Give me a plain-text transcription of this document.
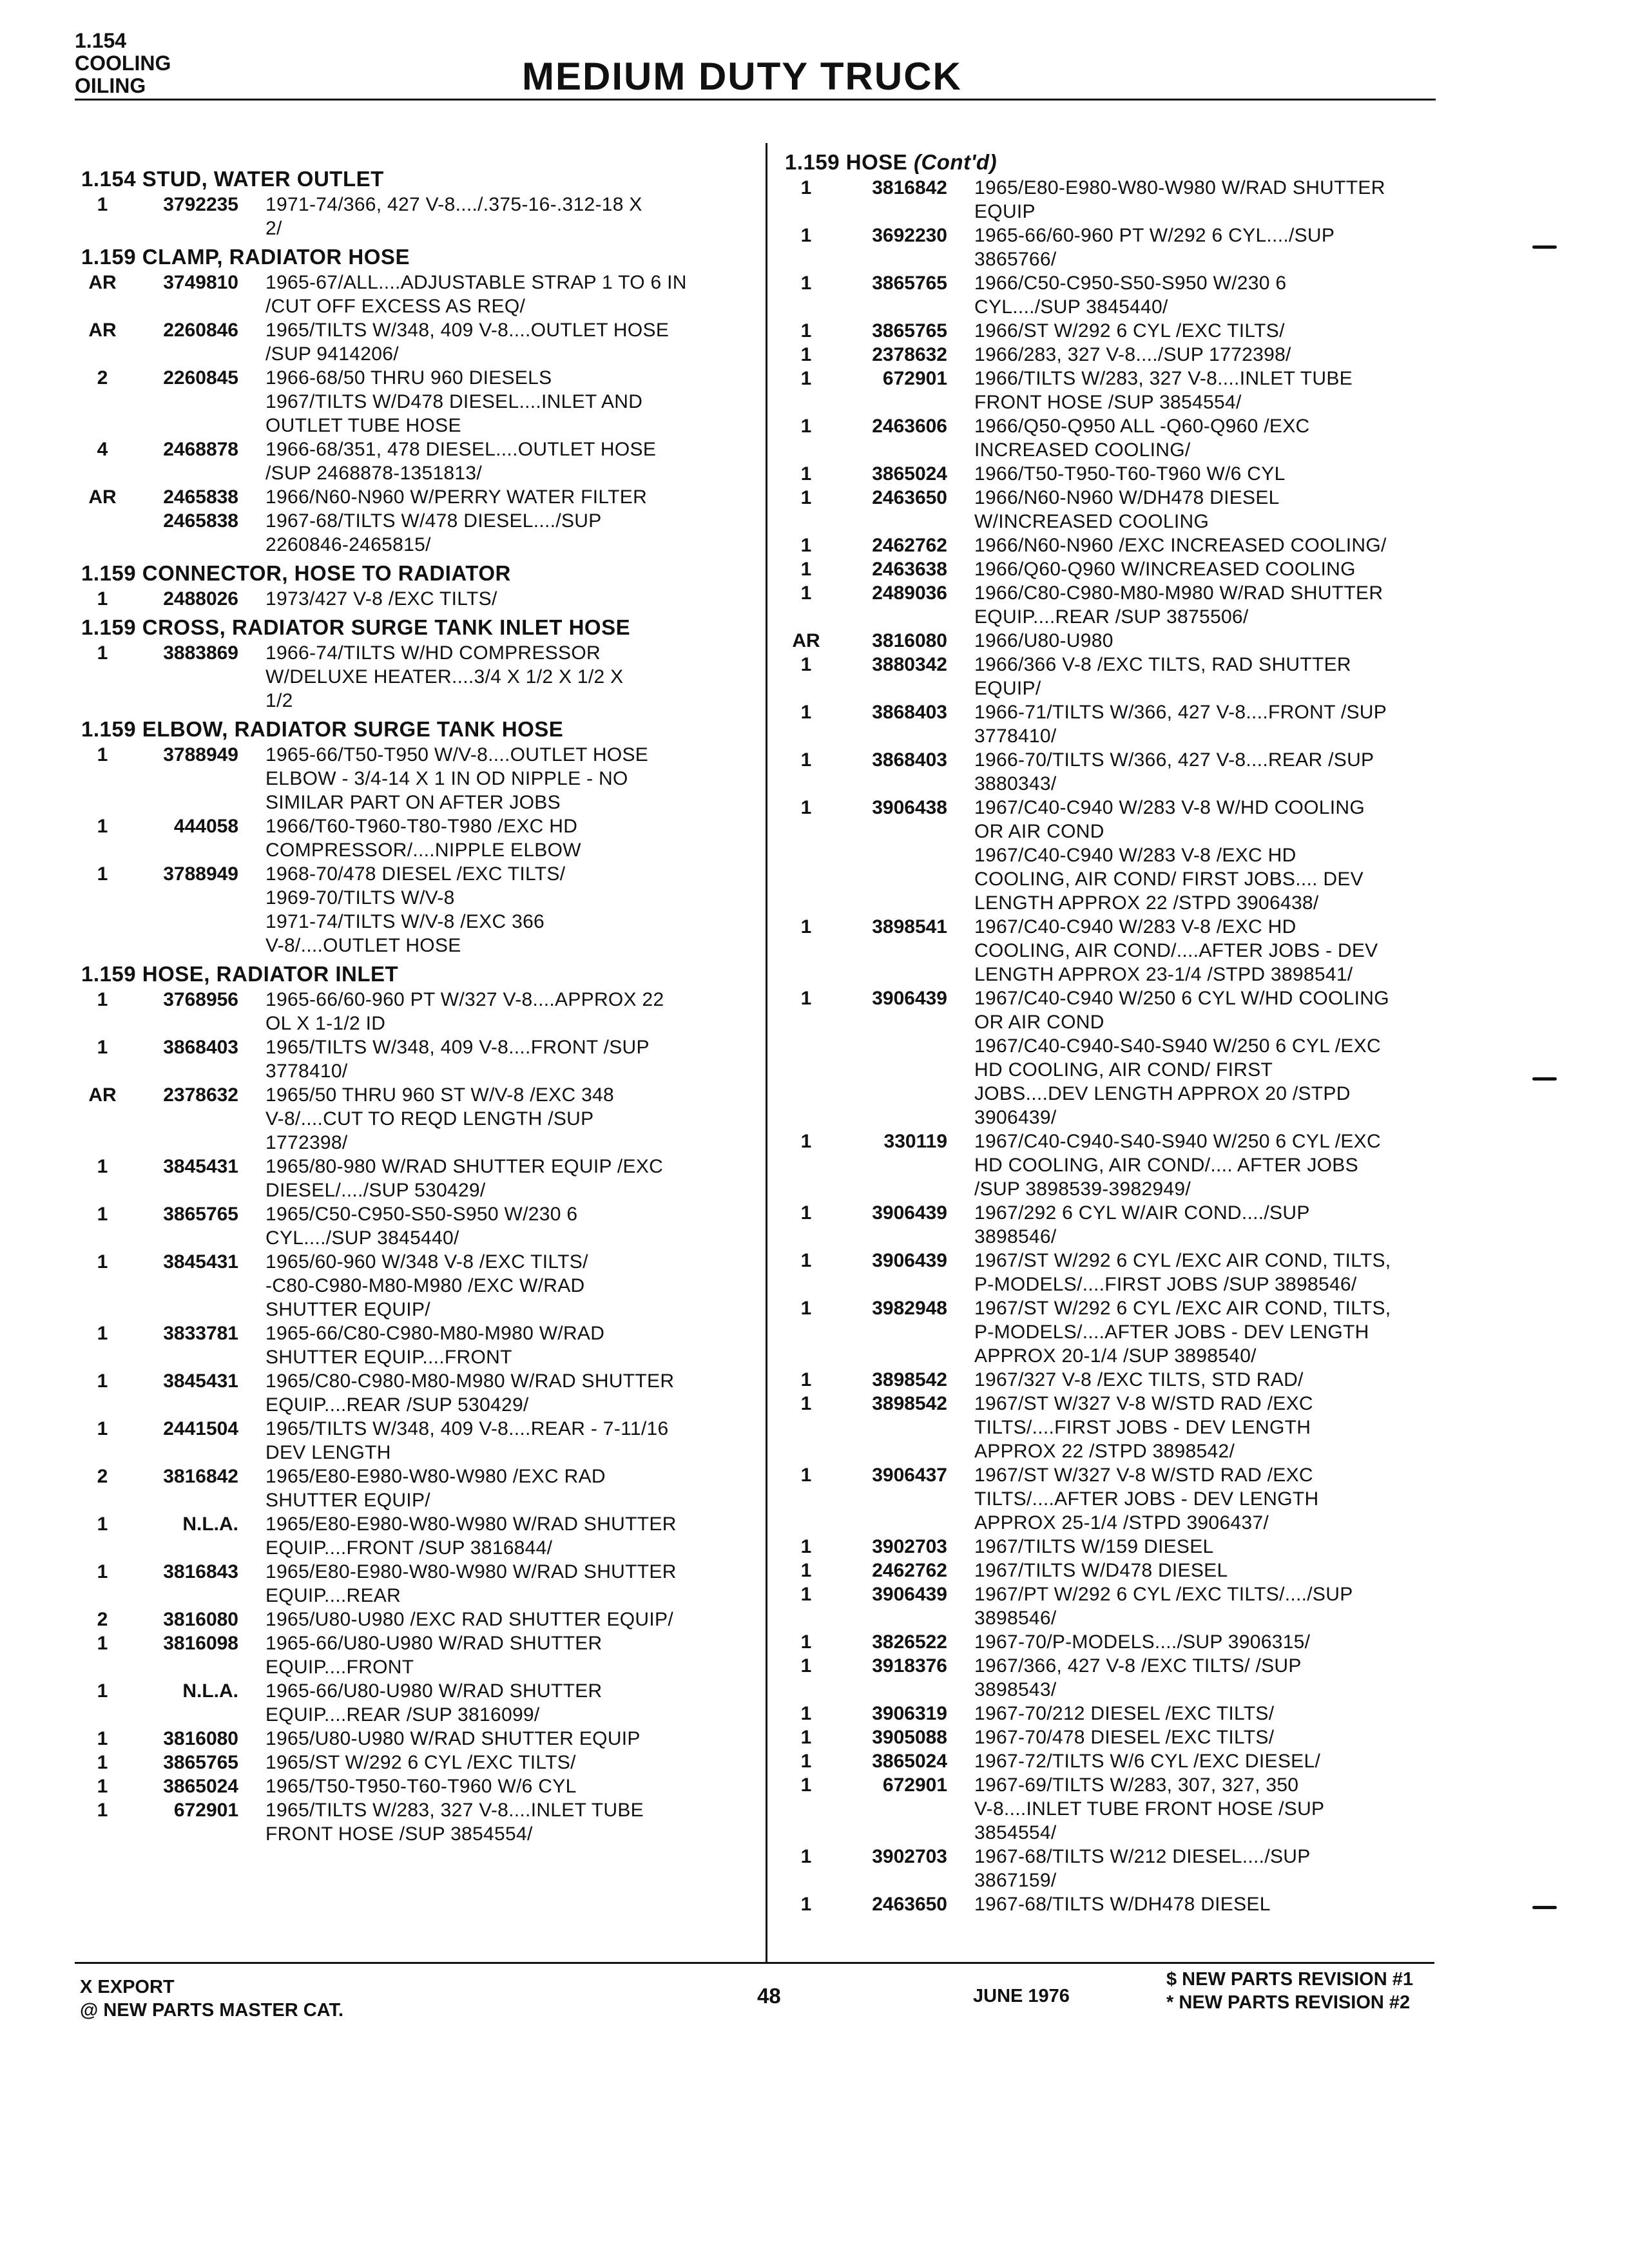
1.154
COOLING
OILING	MEDIUM DUTY TRUCK
1.154 STUD, WATER OUTLET
1	3792235	1971-74/366, 427 V-8..../.375-16-.312-18 X
2/
1.159 CLAMP, RADIATOR HOSE
AR	3749810	1965-67/ALL....ADJUSTABLE STRAP 1 TO 6 IN
/CUT OFF EXCESS AS REQ/
AR	2260846	1965/TILTS W/348, 409 V-8....OUTLET HOSE
/SUP 9414206/
2	2260845	1966-68/50 THRU 960 DIESELS
1967/TILTS W/D478 DIESEL....INLET AND
OUTLET TUBE HOSE
4	2468878	1966-68/351, 478 DIESEL....OUTLET HOSE
/SUP 2468878-1351813/
AR	2465838	1966/N60-N960 W/PERRY WATER FILTER
2465838	1967-68/TILTS W/478 DIESEL..../SUP
2260846-2465815/
1.159 CONNECTOR, HOSE TO RADIATOR
1	2488026	1973/427 V-8 /EXC TILTS/
1.159 CROSS, RADIATOR SURGE TANK INLET HOSE
1	3883869	1966-74/TILTS W/HD COMPRESSOR
W/DELUXE HEATER....3/4 X 1/2 X 1/2 X
1/2
1.159 ELBOW, RADIATOR SURGE TANK HOSE
1	3788949	1965-66/T50-T950 W/V-8....OUTLET HOSE
ELBOW - 3/4-14 X 1 IN OD NIPPLE - NO
SIMILAR PART ON AFTER JOBS
1	444058	1966/T60-T960-T80-T980 /EXC HD
COMPRESSOR/....NIPPLE ELBOW
1	3788949	1968-70/478 DIESEL /EXC TILTS/
1969-70/TILTS W/V-8
1971-74/TILTS W/V-8 /EXC 366
V-8/....OUTLET HOSE
1.159 HOSE, RADIATOR INLET
1	3768956	1965-66/60-960 PT W/327 V-8....APPROX 22
OL X 1-1/2 ID
1	3868403	1965/TILTS W/348, 409 V-8....FRONT /SUP
3778410/
AR	2378632	1965/50 THRU 960 ST W/V-8 /EXC 348
V-8/....CUT TO REQD LENGTH /SUP
1772398/
1	3845431	1965/80-980 W/RAD SHUTTER EQUIP /EXC
DIESEL/..../SUP 530429/
1	3865765	1965/C50-C950-S50-S950 W/230 6
CYL..../SUP 3845440/
1	3845431	1965/60-960 W/348 V-8 /EXC TILTS/
-C80-C980-M80-M980 /EXC W/RAD
SHUTTER EQUIP/
1	3833781	1965-66/C80-C980-M80-M980 W/RAD
SHUTTER EQUIP....FRONT
1	3845431	1965/C80-C980-M80-M980 W/RAD SHUTTER
EQUIP....REAR /SUP 530429/
1	2441504	1965/TILTS W/348, 409 V-8....REAR - 7-11/16
DEV LENGTH
2	3816842	1965/E80-E980-W80-W980 /EXC RAD
SHUTTER EQUIP/
1	N.L.A.	1965/E80-E980-W80-W980 W/RAD SHUTTER
EQUIP....FRONT /SUP 3816844/
1	3816843	1965/E80-E980-W80-W980 W/RAD SHUTTER
EQUIP....REAR
2	3816080	1965/U80-U980 /EXC RAD SHUTTER EQUIP/
1	3816098	1965-66/U80-U980 W/RAD SHUTTER
EQUIP....FRONT
1	N.L.A.	1965-66/U80-U980 W/RAD SHUTTER
EQUIP....REAR /SUP 3816099/
1	3816080	1965/U80-U980 W/RAD SHUTTER EQUIP
1	3865765	1965/ST W/292 6 CYL /EXC TILTS/
1	3865024	1965/T50-T950-T60-T960 W/6 CYL
1	672901	1965/TILTS W/283, 327 V-8....INLET TUBE
FRONT HOSE /SUP 3854554/
1.159 HOSE (Cont'd)
1	3816842	1965/E80-E980-W80-W980 W/RAD SHUTTER
EQUIP
1	3692230	1965-66/60-960 PT W/292 6 CYL..../SUP
3865766/
1	3865765	1966/C50-C950-S50-S950 W/230 6
CYL..../SUP 3845440/
1	3865765	1966/ST W/292 6 CYL /EXC TILTS/
1	2378632	1966/283, 327 V-8..../SUP 1772398/
1	672901	1966/TILTS W/283, 327 V-8....INLET TUBE
FRONT HOSE /SUP 3854554/
1	2463606	1966/Q50-Q950 ALL -Q60-Q960 /EXC
INCREASED COOLING/
1	3865024	1966/T50-T950-T60-T960 W/6 CYL
1	2463650	1966/N60-N960 W/DH478 DIESEL
W/INCREASED COOLING
1	2462762	1966/N60-N960 /EXC INCREASED COOLING/
1	2463638	1966/Q60-Q960 W/INCREASED COOLING
1	2489036	1966/C80-C980-M80-M980 W/RAD SHUTTER
EQUIP....REAR /SUP 3875506/
AR	3816080	1966/U80-U980
1	3880342	1966/366 V-8 /EXC TILTS, RAD SHUTTER
EQUIP/
1	3868403	1966-71/TILTS W/366, 427 V-8....FRONT /SUP
3778410/
1	3868403	1966-70/TILTS W/366, 427 V-8....REAR /SUP
3880343/
1	3906438	1967/C40-C940 W/283 V-8 W/HD COOLING
OR AIR COND
1967/C40-C940 W/283 V-8 /EXC HD
COOLING, AIR COND/ FIRST JOBS.... DEV
LENGTH APPROX 22 /STPD 3906438/
1	3898541	1967/C40-C940 W/283 V-8 /EXC HD
COOLING, AIR COND/....AFTER JOBS - DEV
LENGTH APPROX 23-1/4 /STPD 3898541/
1	3906439	1967/C40-C940 W/250 6 CYL W/HD COOLING
OR AIR COND
1967/C40-C940-S40-S940 W/250 6 CYL /EXC
HD COOLING, AIR COND/ FIRST
JOBS....DEV LENGTH APPROX 20 /STPD
3906439/
1	330119	1967/C40-C940-S40-S940 W/250 6 CYL /EXC
HD COOLING, AIR COND/.... AFTER JOBS
/SUP 3898539-3982949/
1	3906439	1967/292 6 CYL W/AIR COND..../SUP
3898546/
1	3906439	1967/ST W/292 6 CYL /EXC AIR COND, TILTS,
P-MODELS/....FIRST JOBS /SUP 3898546/
1	3982948	1967/ST W/292 6 CYL /EXC AIR COND, TILTS,
P-MODELS/....AFTER JOBS - DEV LENGTH
APPROX 20-1/4 /SUP 3898540/
1	3898542	1967/327 V-8 /EXC TILTS, STD RAD/
1	3898542	1967/ST W/327 V-8 W/STD RAD /EXC
TILTS/....FIRST JOBS - DEV LENGTH
APPROX 22 /STPD 3898542/
1	3906437	1967/ST W/327 V-8 W/STD RAD /EXC
TILTS/....AFTER JOBS - DEV LENGTH
APPROX 25-1/4 /STPD 3906437/
1	3902703	1967/TILTS W/159 DIESEL
1	2462762	1967/TILTS W/D478 DIESEL
1	3906439	1967/PT W/292 6 CYL /EXC TILTS/..../SUP
3898546/
1	3826522	1967-70/P-MODELS..../SUP 3906315/
1	3918376	1967/366, 427 V-8 /EXC TILTS/ /SUP
3898543/
1	3906319	1967-70/212 DIESEL /EXC TILTS/
1	3905088	1967-70/478 DIESEL /EXC TILTS/
1	3865024	1967-72/TILTS W/6 CYL /EXC DIESEL/
1	672901	1967-69/TILTS W/283, 307, 327, 350
V-8....INLET TUBE FRONT HOSE /SUP
3854554/
1	3902703	1967-68/TILTS W/212 DIESEL..../SUP
3867159/
1	2463650	1967-68/TILTS W/DH478 DIESEL
X EXPORT
@ NEW PARTS MASTER CAT.
48	JUNE 1976
$ NEW PARTS REVISION #1
* NEW PARTS REVISION #2
